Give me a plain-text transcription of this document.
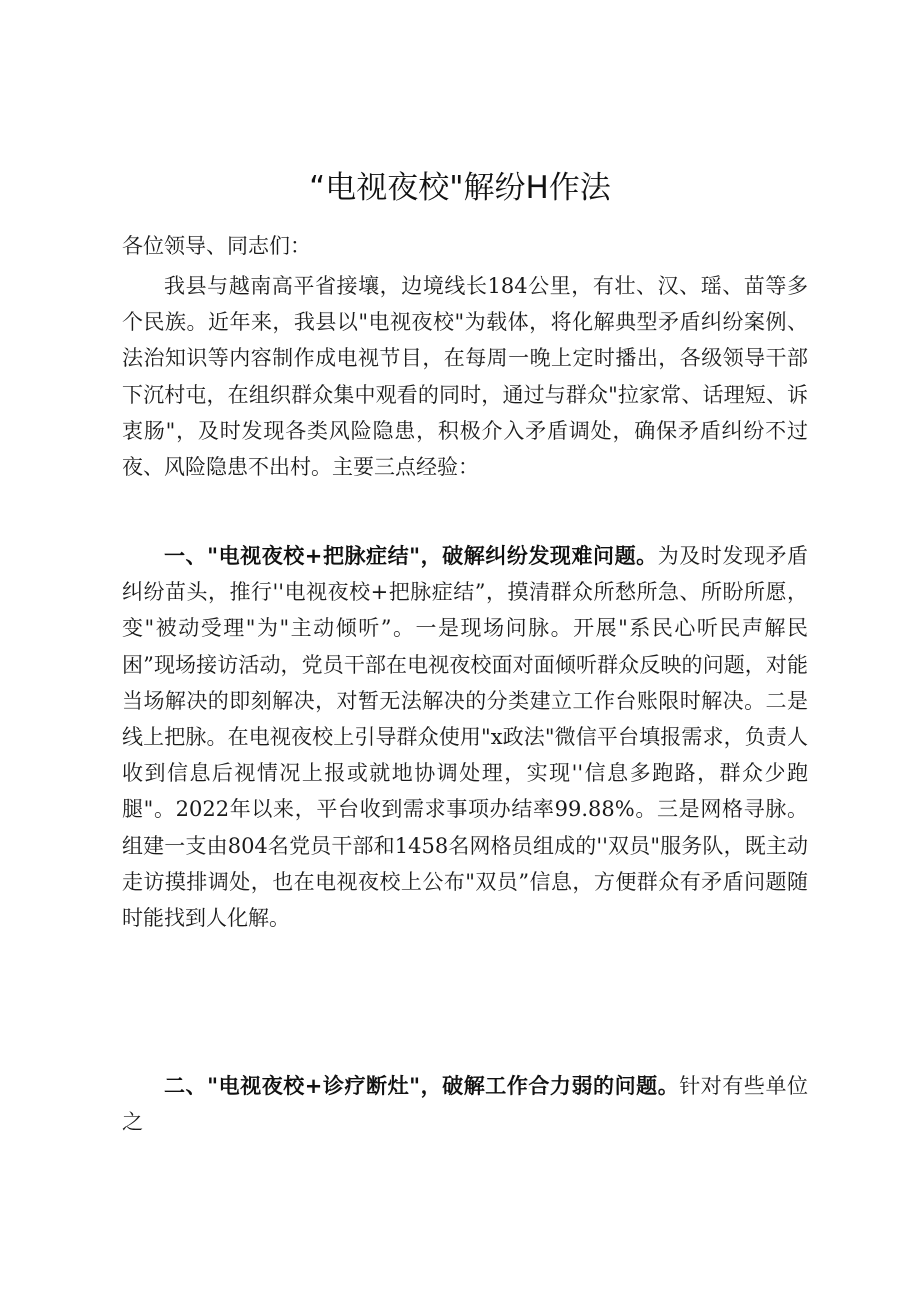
“电视夜校"解纷H作法

各位领导、同志们：

我县与越南高平省接壤，边境线长184公里，有壮、汉、瑶、苗等多个民族。近年来，我县以"电视夜校"为载体，将化解典型矛盾纠纷案例、法治知识等内容制作成电视节目，在每周一晚上定时播出，各级领导干部下沉村屯，在组织群众集中观看的同时，通过与群众"拉家常、话理短、诉衷肠"，及时发现各类风险隐患，积极介入矛盾调处，确保矛盾纠纷不过夜、风险隐患不出村。主要三点经验：

一、"电视夜校+把脉症结"，破解纠纷发现难问题。为及时发现矛盾纠纷苗头，推行''电视夜校+把脉症结”，摸清群众所愁所急、所盼所愿，变"被动受理"为"主动倾听”。一是现场问脉。开展"系民心听民声解民困”现场接访活动，党员干部在电视夜校面对面倾听群众反映的问题，对能当场解决的即刻解决，对暂无法解决的分类建立工作台账限时解决。二是线上把脉。在电视夜校上引导群众使用"x政法"微信平台填报需求，负责人收到信息后视情况上报或就地协调处理，实现''信息多跑路，群众少跑腿"。2022年以来，平台收到需求事项办结率99.88%。三是网格寻脉。组建一支由804名党员干部和1458名网格员组成的''双员"服务队，既主动走访摸排调处，也在电视夜校上公布"双员”信息，方便群众有矛盾问题随时能找到人化解。

二、"电视夜校+诊疗断灶"，破解工作合力弱的问题。针对有些单位之
